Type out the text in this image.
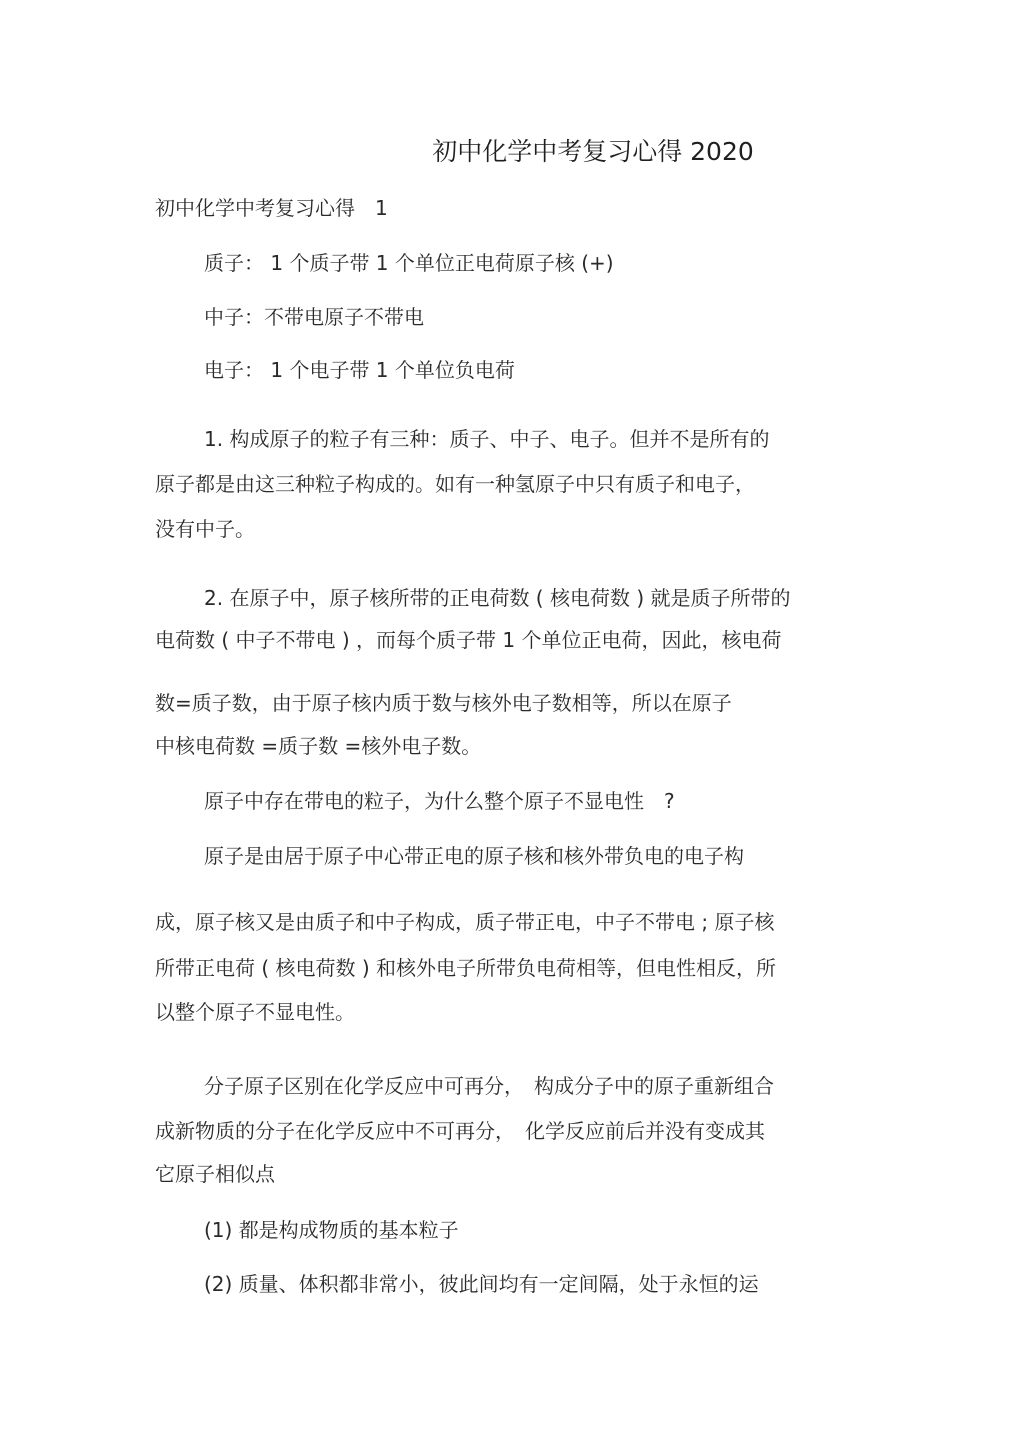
初中化学中考复习心得 2020
初中化学中考复习心得　1
质子： 1 个质子带 1 个单位正电荷原子核 (+)
中子：不带电原子不带电
电子： 1 个电子带 1 个单位负电荷
1. 构成原子的粒子有三种：质子、中子、电子。但并不是所有的
原子都是由这三种粒子构成的。如有一种氢原子中只有质子和电子，
没有中子。
2. 在原子中，原子核所带的正电荷数 ( 核电荷数 ) 就是质子所带的
电荷数 ( 中子不带电 ) ，而每个质子带 1 个单位正电荷，因此，核电荷
数=质子数，由于原子核内质于数与核外电子数相等，所以在原子
中核电荷数 =质子数 =核外电子数。
原子中存在带电的粒子，为什么整个原子不显电性　?
原子是由居于原子中心带正电的原子核和核外带负电的电子构
成，原子核又是由质子和中子构成，质子带正电，中子不带电 ; 原子核
所带正电荷 ( 核电荷数 ) 和核外电子所带负电荷相等，但电性相反，所
以整个原子不显电性。
分子原子区别在化学反应中可再分，　构成分子中的原子重新组合
成新物质的分子在化学反应中不可再分，　化学反应前后并没有变成其
它原子相似点
(1) 都是构成物质的基本粒子
(2) 质量、体积都非常小，彼此间均有一定间隔，处于永恒的运
